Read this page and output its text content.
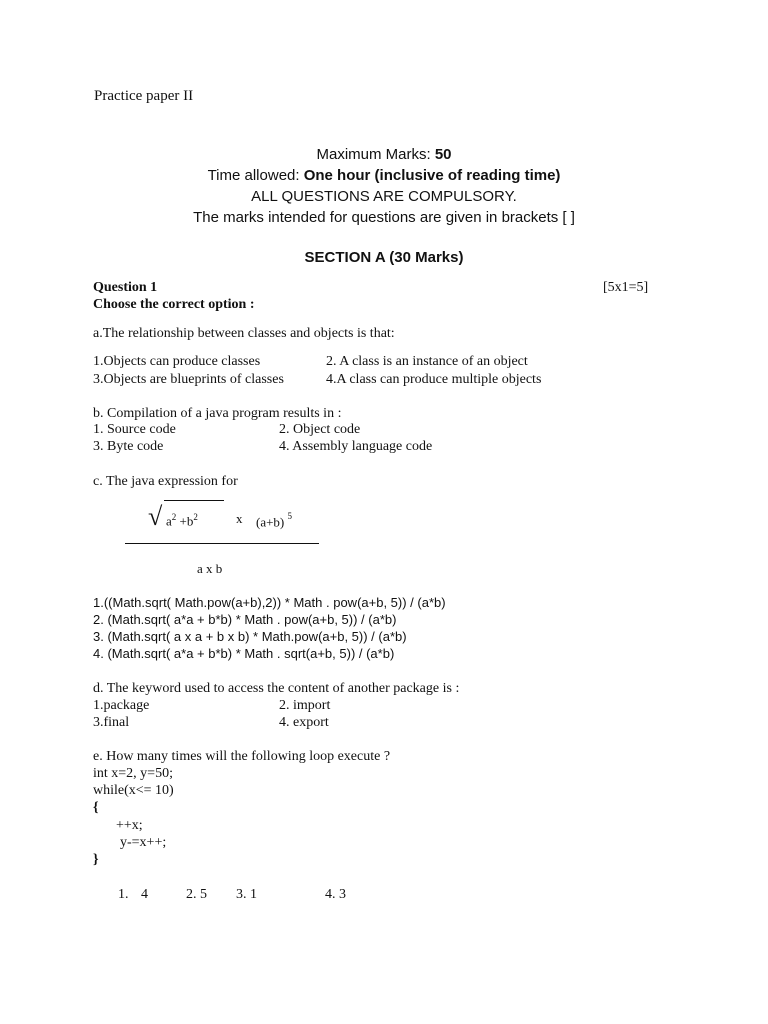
Practice paper II
Maximum Marks: 50
Time allowed: One hour (inclusive of reading time)
ALL QUESTIONS ARE COMPULSORY.
The marks intended for questions are given in brackets [ ]
SECTION A (30 Marks)
Question 1	[5x1=5]
Choose the correct option :
a.The relationship between classes and objects is that:
1.Objects can produce classes	2. A class is an instance of an object
3.Objects are blueprints of classes	4.A class can produce multiple objects
b. Compilation of a java program results in :
1. Source code	2. Object code
3. Byte code	4. Assembly language code
c. The java expression for
√ $a^2 +b^2$	x (a+b) $^5$
a x b
1.((Math.sqrt( Math.pow(a+b),2)) * Math . pow(a+b, 5)) / (a*b)
2. (Math.sqrt( a*a + b*b) * Math . pow(a+b, 5)) / (a*b)
3. (Math.sqrt( a x a + b x b) * Math.pow(a+b, 5)) / (a*b)
4. (Math.sqrt( a*a + b*b) * Math . sqrt(a+b, 5)) / (a*b)
d. The keyword used to access the content of another package is :
1.package	2. import
3.final	4. export
e. How many times will the following loop execute ?
int x=2, y=50;
while(x<= 10)
{
++x;
y-=x++;
}
1. 4	2. 5 3. 1	4. 3
